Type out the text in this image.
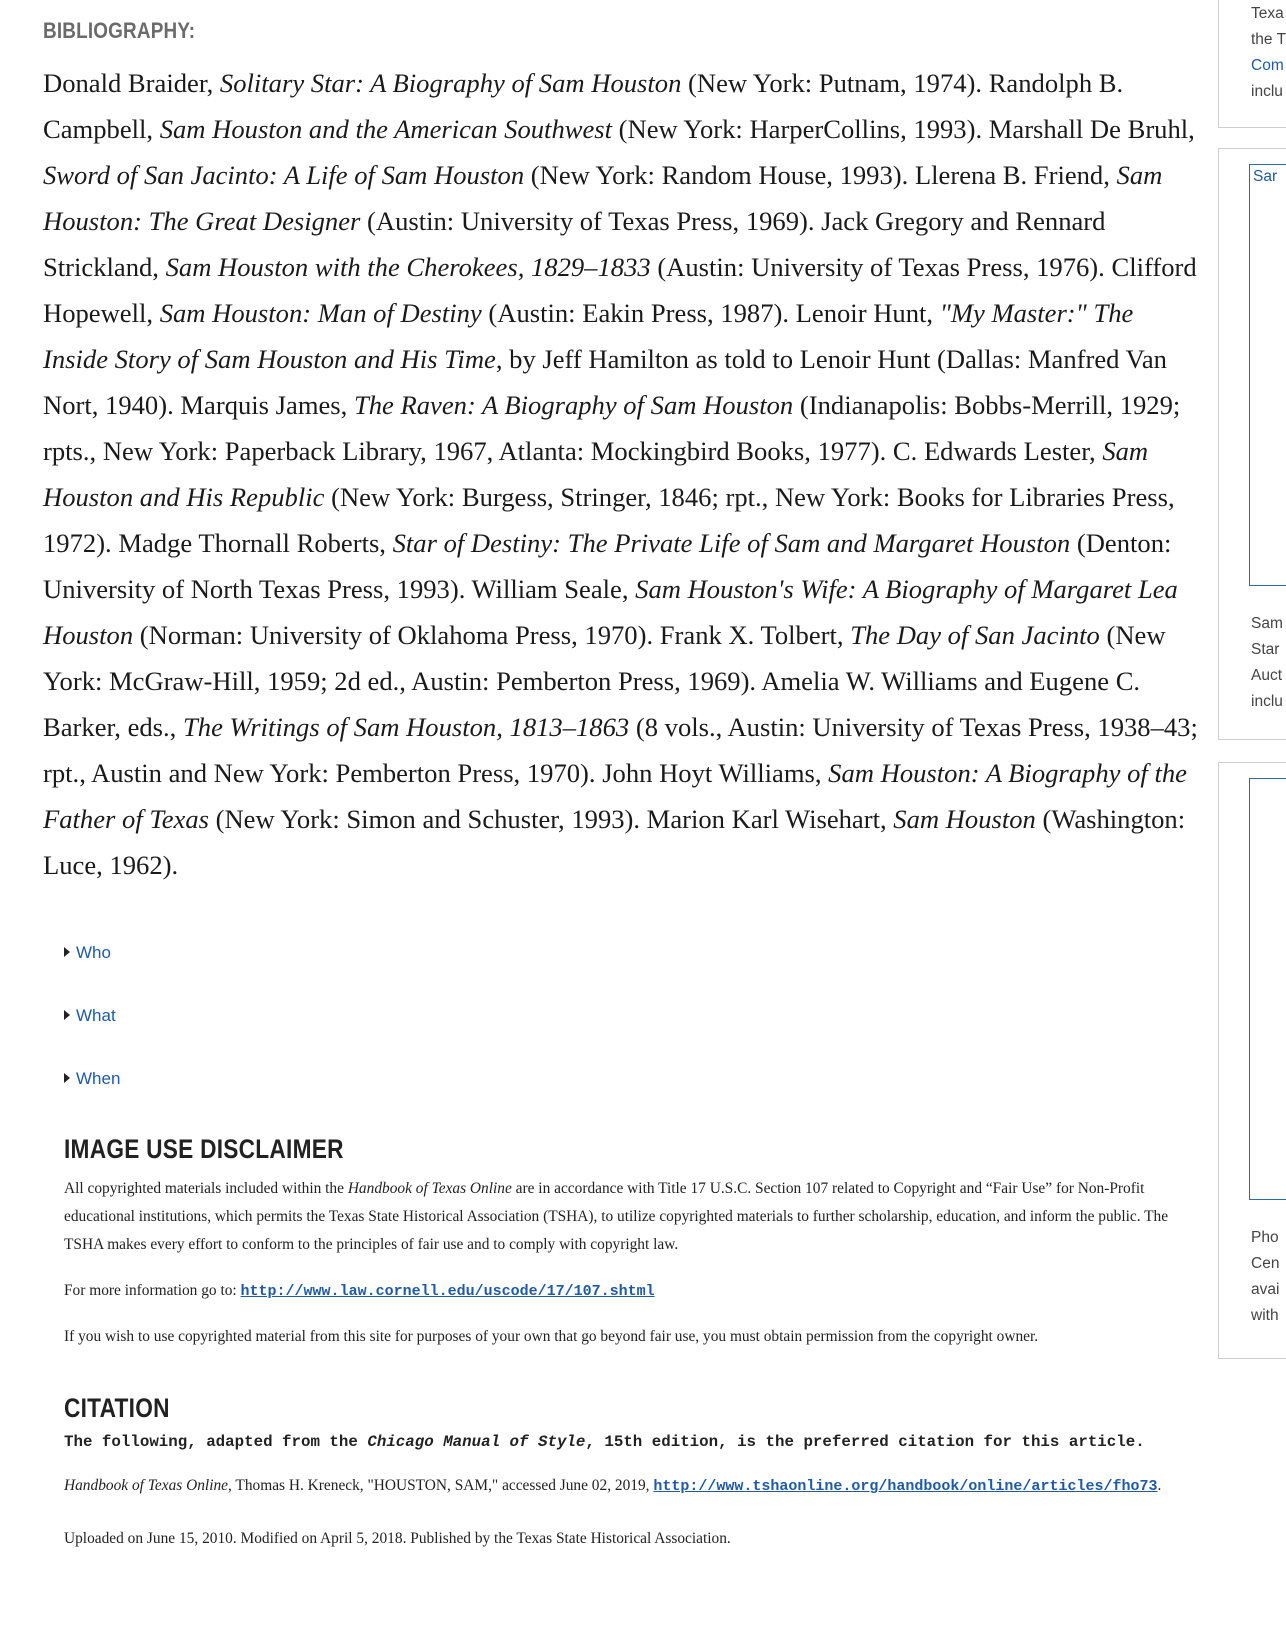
BIBLIOGRAPHY:
Donald Braider, Solitary Star: A Biography of Sam Houston (New York: Putnam, 1974). Randolph B. Campbell, Sam Houston and the American Southwest (New York: HarperCollins, 1993). Marshall De Bruhl, Sword of San Jacinto: A Life of Sam Houston (New York: Random House, 1993). Llerena B. Friend, Sam Houston: The Great Designer (Austin: University of Texas Press, 1969). Jack Gregory and Rennard Strickland, Sam Houston with the Cherokees, 1829–1833 (Austin: University of Texas Press, 1976). Clifford Hopewell, Sam Houston: Man of Destiny (Austin: Eakin Press, 1987). Lenoir Hunt, "My Master:" The Inside Story of Sam Houston and His Time, by Jeff Hamilton as told to Lenoir Hunt (Dallas: Manfred Van Nort, 1940). Marquis James, The Raven: A Biography of Sam Houston (Indianapolis: Bobbs-Merrill, 1929; rpts., New York: Paperback Library, 1967, Atlanta: Mockingbird Books, 1977). C. Edwards Lester, Sam Houston and His Republic (New York: Burgess, Stringer, 1846; rpt., New York: Books for Libraries Press, 1972). Madge Thornall Roberts, Star of Destiny: The Private Life of Sam and Margaret Houston (Denton: University of North Texas Press, 1993). William Seale, Sam Houston's Wife: A Biography of Margaret Lea Houston (Norman: University of Oklahoma Press, 1970). Frank X. Tolbert, The Day of San Jacinto (New York: McGraw-Hill, 1959; 2d ed., Austin: Pemberton Press, 1969). Amelia W. Williams and Eugene C. Barker, eds., The Writings of Sam Houston, 1813–1863 (8 vols., Austin: University of Texas Press, 1938–43; rpt., Austin and New York: Pemberton Press, 1970). John Hoyt Williams, Sam Houston: A Biography of the Father of Texas (New York: Simon and Schuster, 1993). Marion Karl Wisehart, Sam Houston (Washington: Luce, 1962).
Who
What
When
IMAGE USE DISCLAIMER
All copyrighted materials included within the Handbook of Texas Online are in accordance with Title 17 U.S.C. Section 107 related to Copyright and “Fair Use” for Non-Profit educational institutions, which permits the Texas State Historical Association (TSHA), to utilize copyrighted materials to further scholarship, education, and inform the public. The TSHA makes every effort to conform to the principles of fair use and to comply with copyright law.
For more information go to: http://www.law.cornell.edu/uscode/17/107.shtml
If you wish to use copyrighted material from this site for purposes of your own that go beyond fair use, you must obtain permission from the copyright owner.
CITATION
The following, adapted from the Chicago Manual of Style, 15th edition, is the preferred citation for this article.
Handbook of Texas Online, Thomas H. Kreneck, "HOUSTON, SAM," accessed June 02, 2019, http://www.tshaonline.org/handbook/online/articles/fho73.
Uploaded on June 15, 2010. Modified on April 5, 2018. Published by the Texas State Historical Association.
Texa
the T
Com
inclu
Sar
Sam
Star
Auct
inclu
Pho
Cen
avai
with
